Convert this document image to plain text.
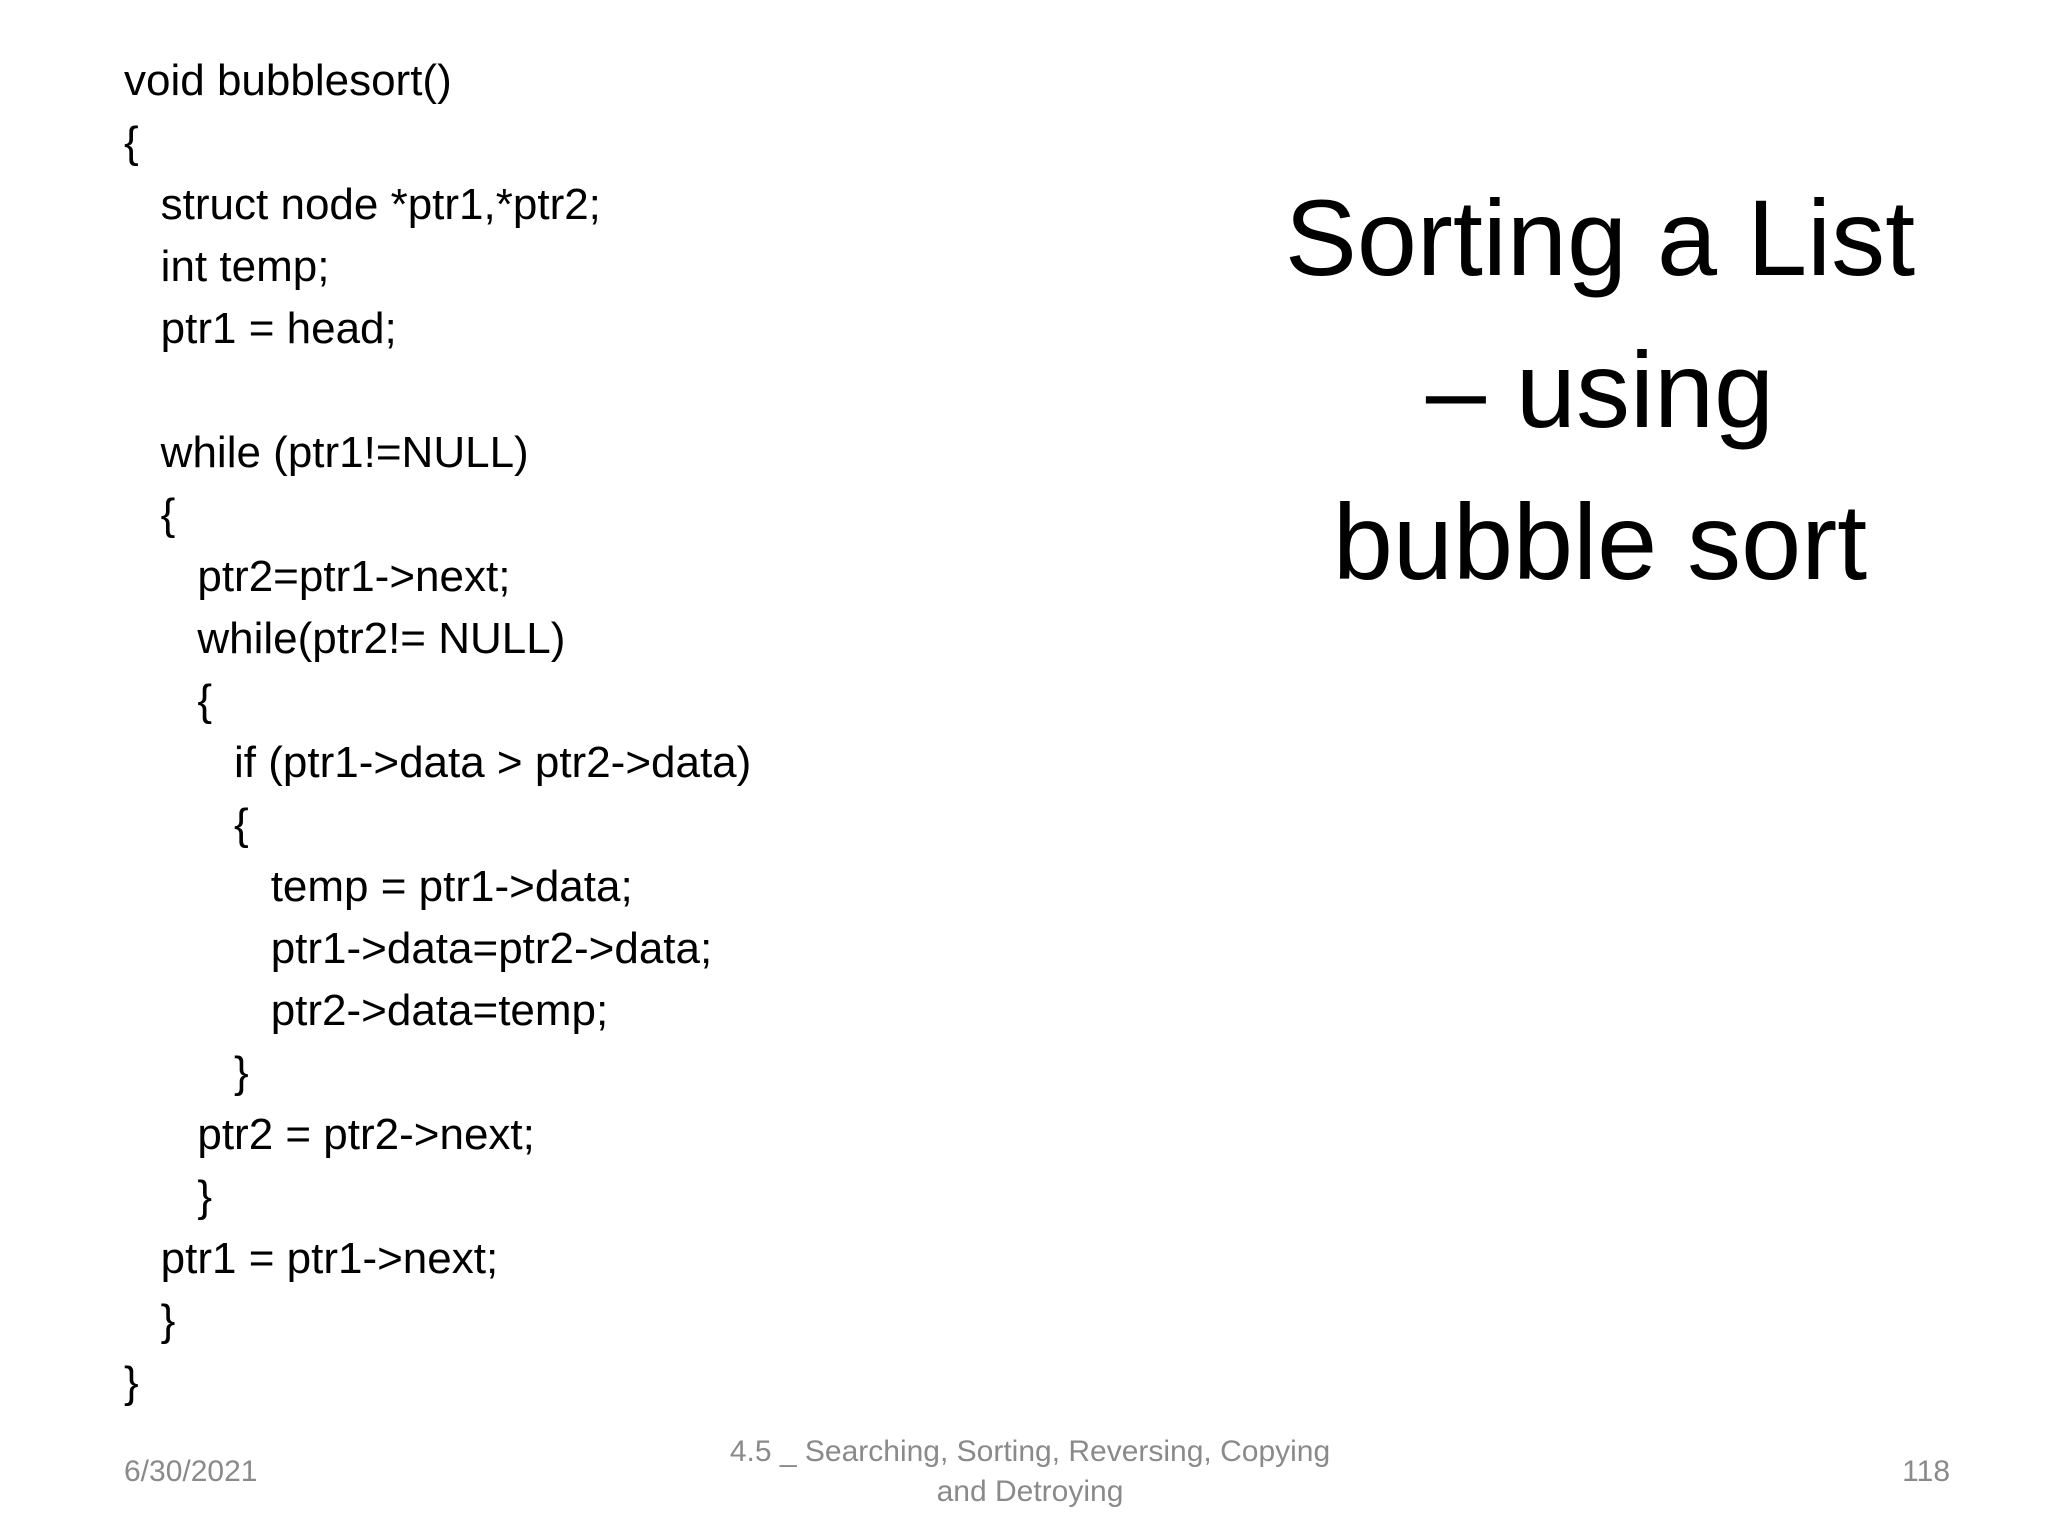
void bubblesort()
{
struct node *ptr1,*ptr2;
int temp;
ptr1 = head;
while (ptr1!=NULL)
{
ptr2=ptr1->next;
while(ptr2!= NULL)
{
if (ptr1->data > ptr2->data)
{
temp = ptr1->data;
ptr1->data=ptr2->data;
ptr2->data=temp;
}
ptr2 = ptr2->next;
}
ptr1 = ptr1->next;
}
}
Sorting a List
– using
bubble sort
6/30/2021
4.5 _ Searching, Sorting, Reversing, Copying
and Detroying
118
